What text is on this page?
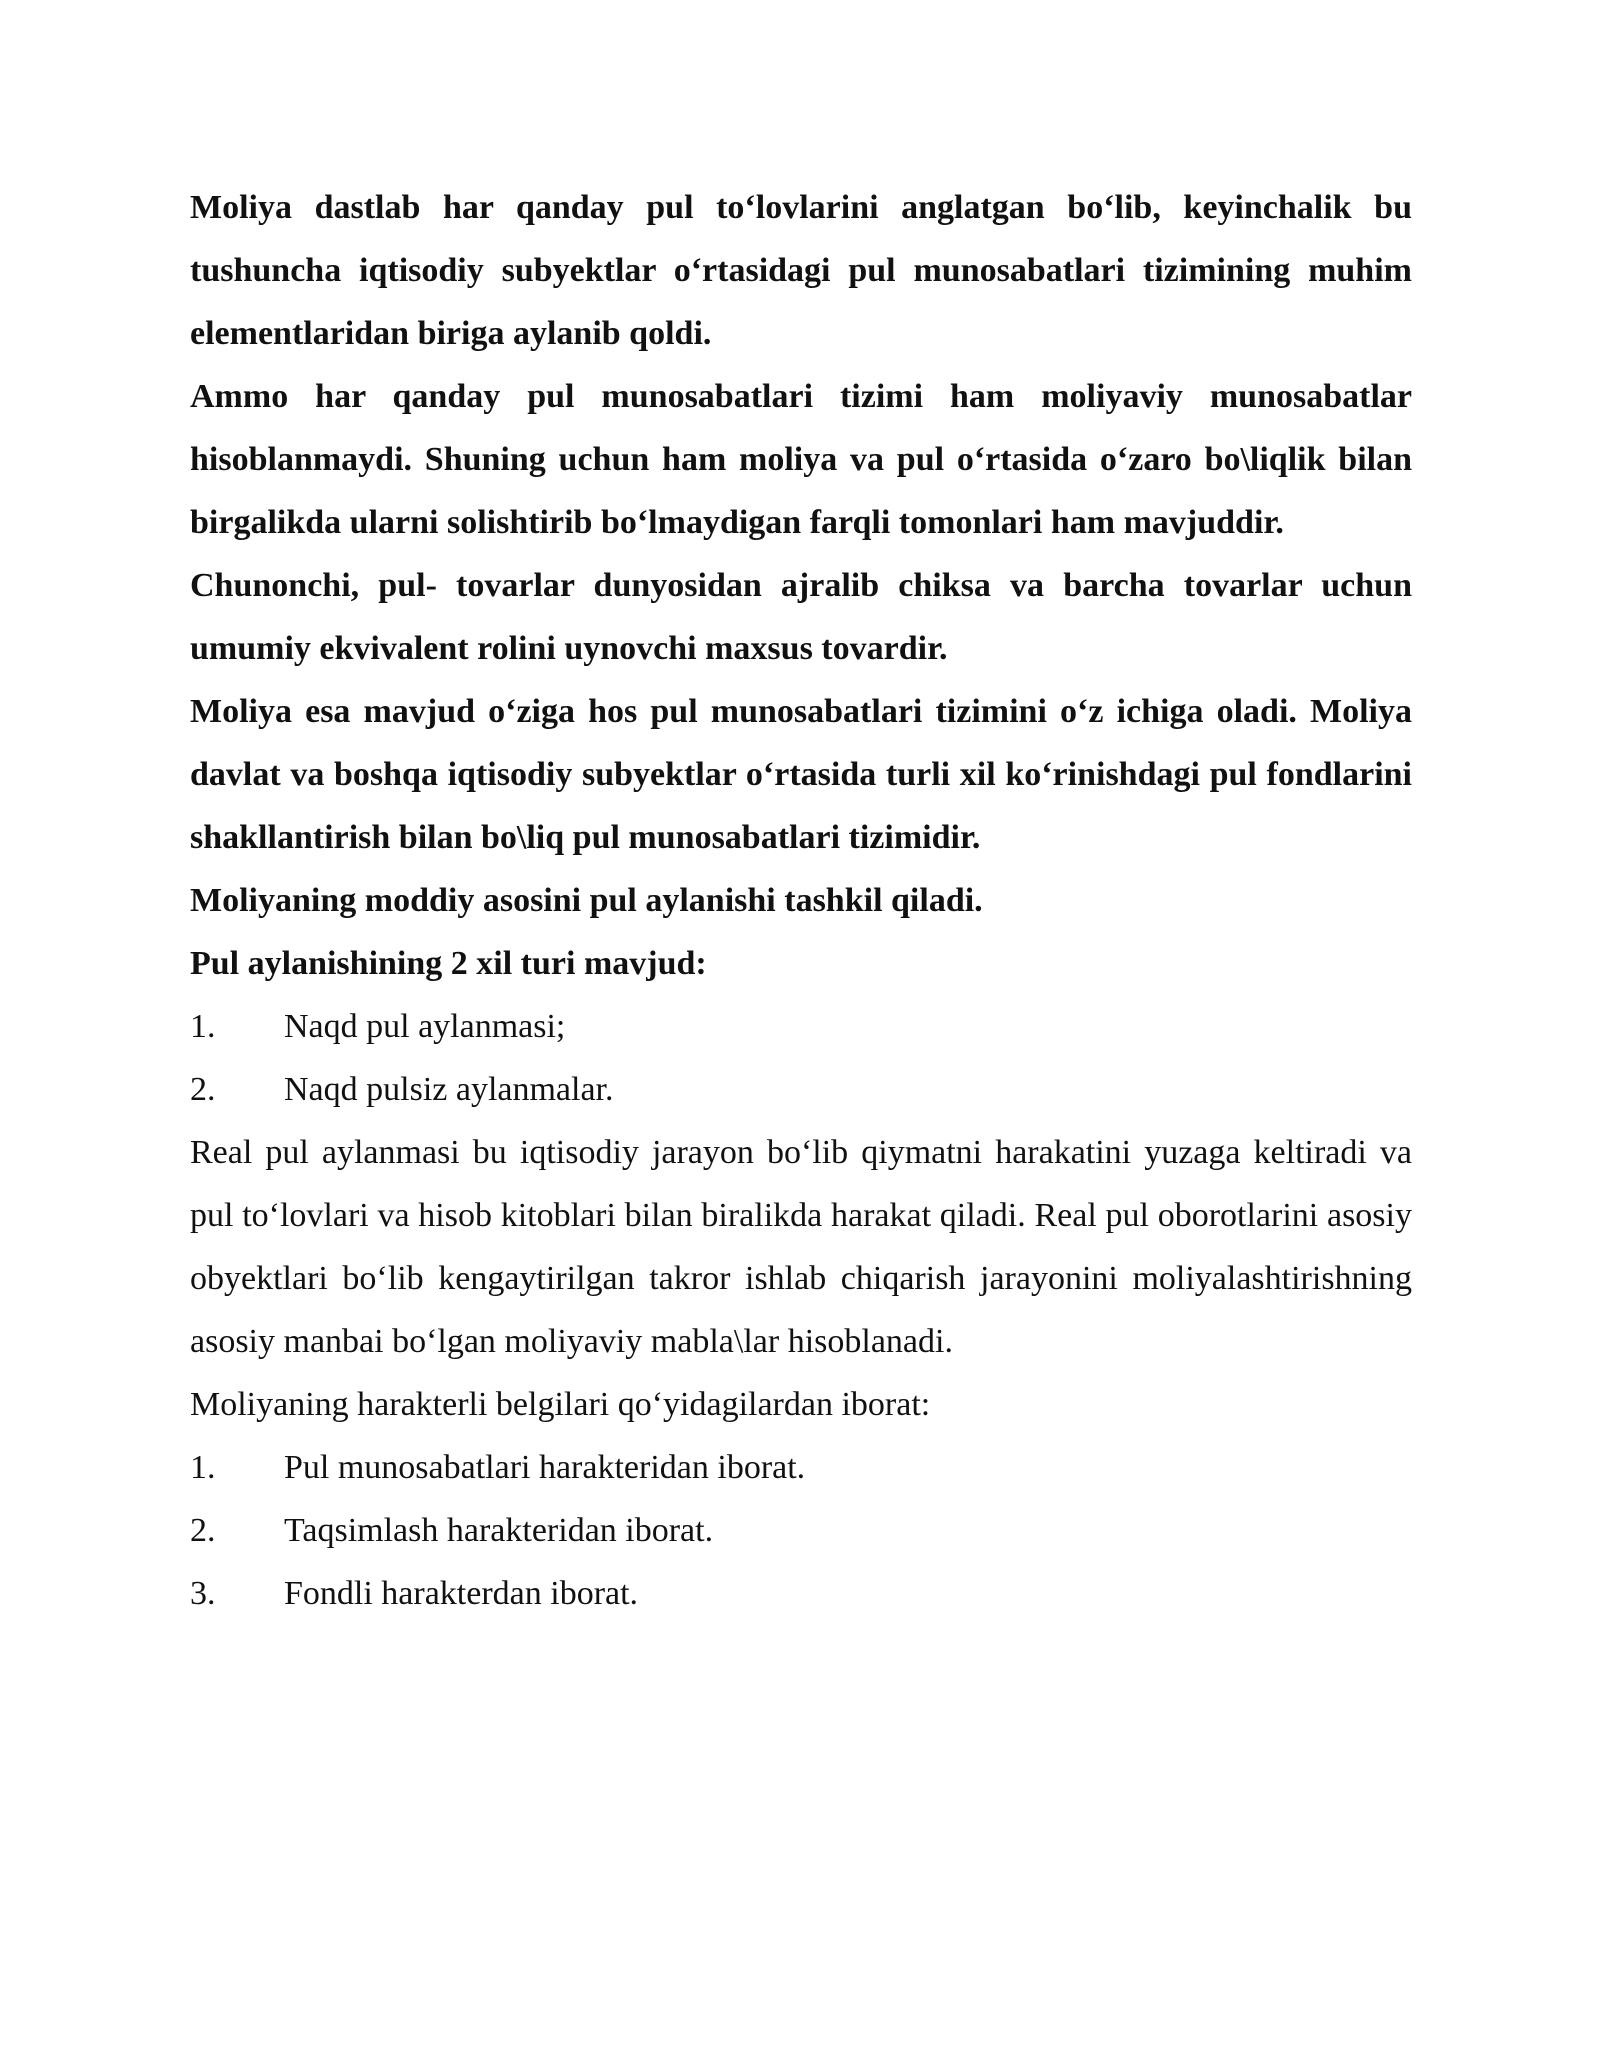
Moliya dastlab har qanday pul to‘lovlarini anglatgan bo‘lib, keyinchalik bu tushuncha iqtisodiy subyektlar o‘rtasidagi pul munosabatlari tizimining muhim elementlaridan biriga aylanib qoldi.

Ammo har qanday pul munosabatlari tizimi ham moliyaviy munosabatlar hisoblanmaydi. Shuning uchun ham moliya va pul o‘rtasida o‘zaro bo\liqlik bilan birgalikda ularni solishtirib bo‘lmaydigan farqli tomonlari ham mavjuddir.

Chunonchi, pul- tovarlar dunyosidan ajralib chiksa va barcha tovarlar uchun umumiy ekvivalent rolini uynovchi maxsus tovardir.

Moliya esa mavjud o‘ziga hos pul munosabatlari tizimini o‘z ichiga oladi. Moliya davlat va boshqa iqtisodiy subyektlar o‘rtasida turli xil ko‘rinishdagi pul fondlarini shakllantirish bilan bo\liq pul munosabatlari tizimidir.

Moliyaning moddiy asosini pul aylanishi tashkil qiladi.

Pul aylanishining 2 xil turi mavjud:

1.	Naqd pul aylanmasi;
2.	Naqd pulsiz aylanmalar.

Real pul aylanmasi bu iqtisodiy jarayon bo‘lib qiymatni harakatini yuzaga keltiradi va pul to‘lovlari va hisob kitoblari bilan biralikda harakat qiladi. Real pul oborotlarini asosiy obyektlari bo‘lib kengaytirilgan takror ishlab chiqarish jarayonini moliyalashtirishning asosiy manbai bo‘lgan moliyaviy mabla\lar hisoblanadi.

Moliyaning harakterli belgilari qo‘yidagilardan iborat:

1.	Pul munosabatlari harakteridan iborat.
2.	Taqsimlash harakteridan iborat.
3.	Fondli harakterdan iborat.
